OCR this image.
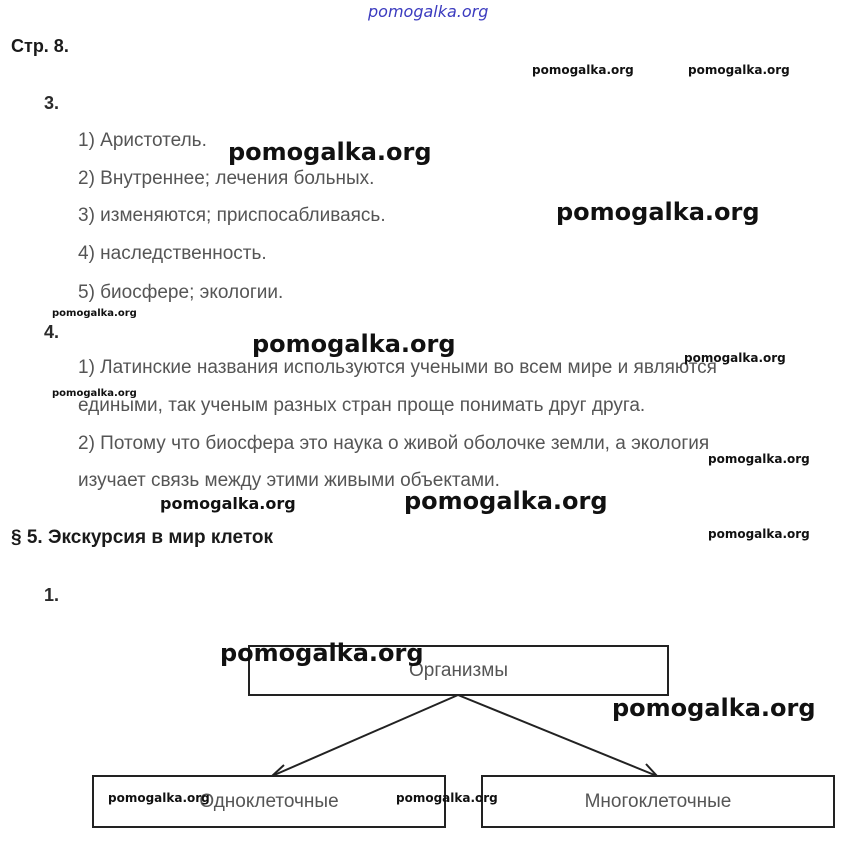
pomogalka.org
Стр. 8.
3.
1) Аристотель.
2) Внутреннее; лечения больных.
3) изменяются; приспосабливаясь.
4) наследственность.
5) биосфере; экологии.
4.
1) Латинские названия используются учеными во всем мире и являются
едиными, так ученым разных стран проще понимать друг друга.
2) Потому что биосфера это наука о живой оболочке земли, а экология
изучает связь между этими живыми объектами.
§ 5. Экскурсия в мир клеток
1.
Организмы
Одноклеточные	Многоклеточные
pomogalka.org	pomogalka.org
pomogalka.org
pomogalka.org
pomogalka.org
pomogalka.org	pomogalka.org
pomogalka.org
pomogalka.org
pomogalka.org
pomogalka.org
pomogalka.org
pomogalka.org
pomogalka.org
pomogalka.org	pomogalka.org
